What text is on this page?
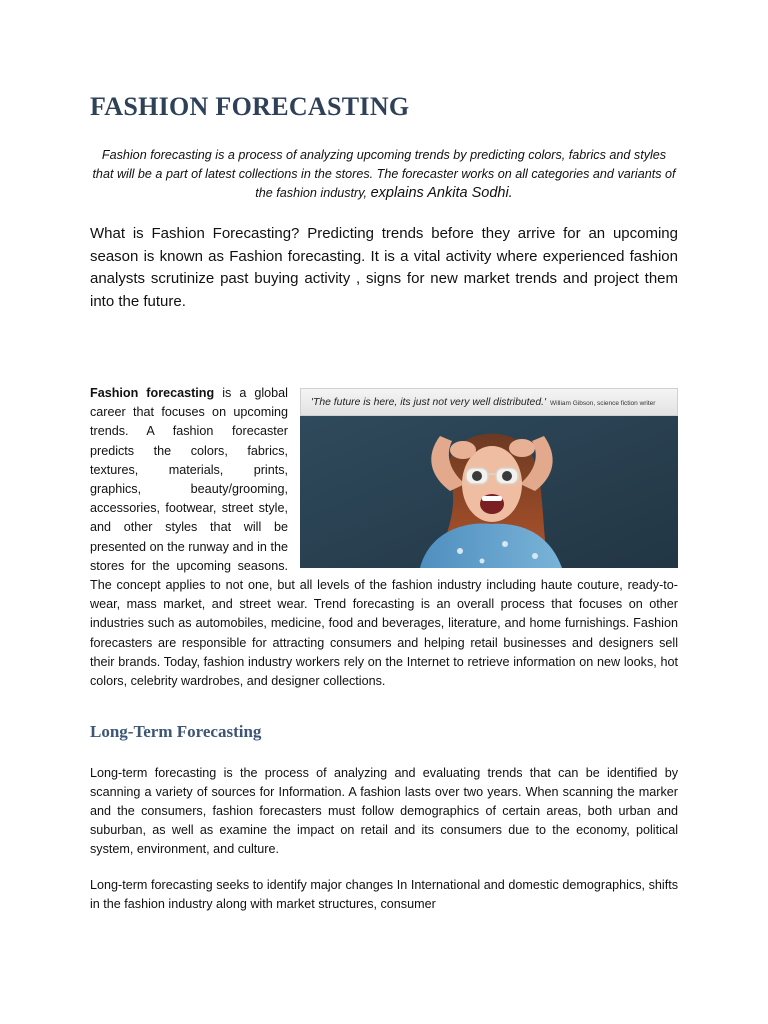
FASHION FORECASTING

Fashion forecasting is a process of analyzing upcoming trends by predicting colors, fabrics and styles that will be a part of latest collections in the stores. The forecaster works on all categories and variants of the fashion industry, explains Ankita Sodhi.

What is Fashion Forecasting? Predicting trends before they arrive for an upcoming season is known as Fashion forecasting. It is a vital activity where experienced fashion analysts scrutinize past buying activity , signs for new market trends and project them into the future.

'The future is here, its just not very well distributed.' William Gibson, science fiction writer

Fashion forecasting is a global career that focuses on upcoming trends. A fashion forecaster predicts the colors, fabrics, textures, materials, prints, graphics, beauty/grooming, accessories, footwear, street style, and other styles that will be presented on the runway and in the stores for the upcoming seasons. The concept applies to not one, but all levels of the fashion industry including haute couture, ready-to-wear, mass market, and street wear. Trend forecasting is an overall process that focuses on other industries such as automobiles, medicine, food and beverages, literature, and home furnishings. Fashion forecasters are responsible for attracting consumers and helping retail businesses and designers sell their brands. Today, fashion industry workers rely on the Internet to retrieve information on new looks, hot colors, celebrity wardrobes, and designer collections.

Long-Term Forecasting

Long-term forecasting is the process of analyzing and evaluating trends that can be identified by scanning a variety of sources for Information. A fashion lasts over two years. When scanning the marker and the consumers, fashion forecasters must follow demographics of certain areas, both urban and suburban, as well as examine the impact on retail and its consumers due to the economy, political system, environment, and culture.

Long-term forecasting seeks to identify major changes In International and domestic demographics, shifts in the fashion industry along with market structures, consumer
